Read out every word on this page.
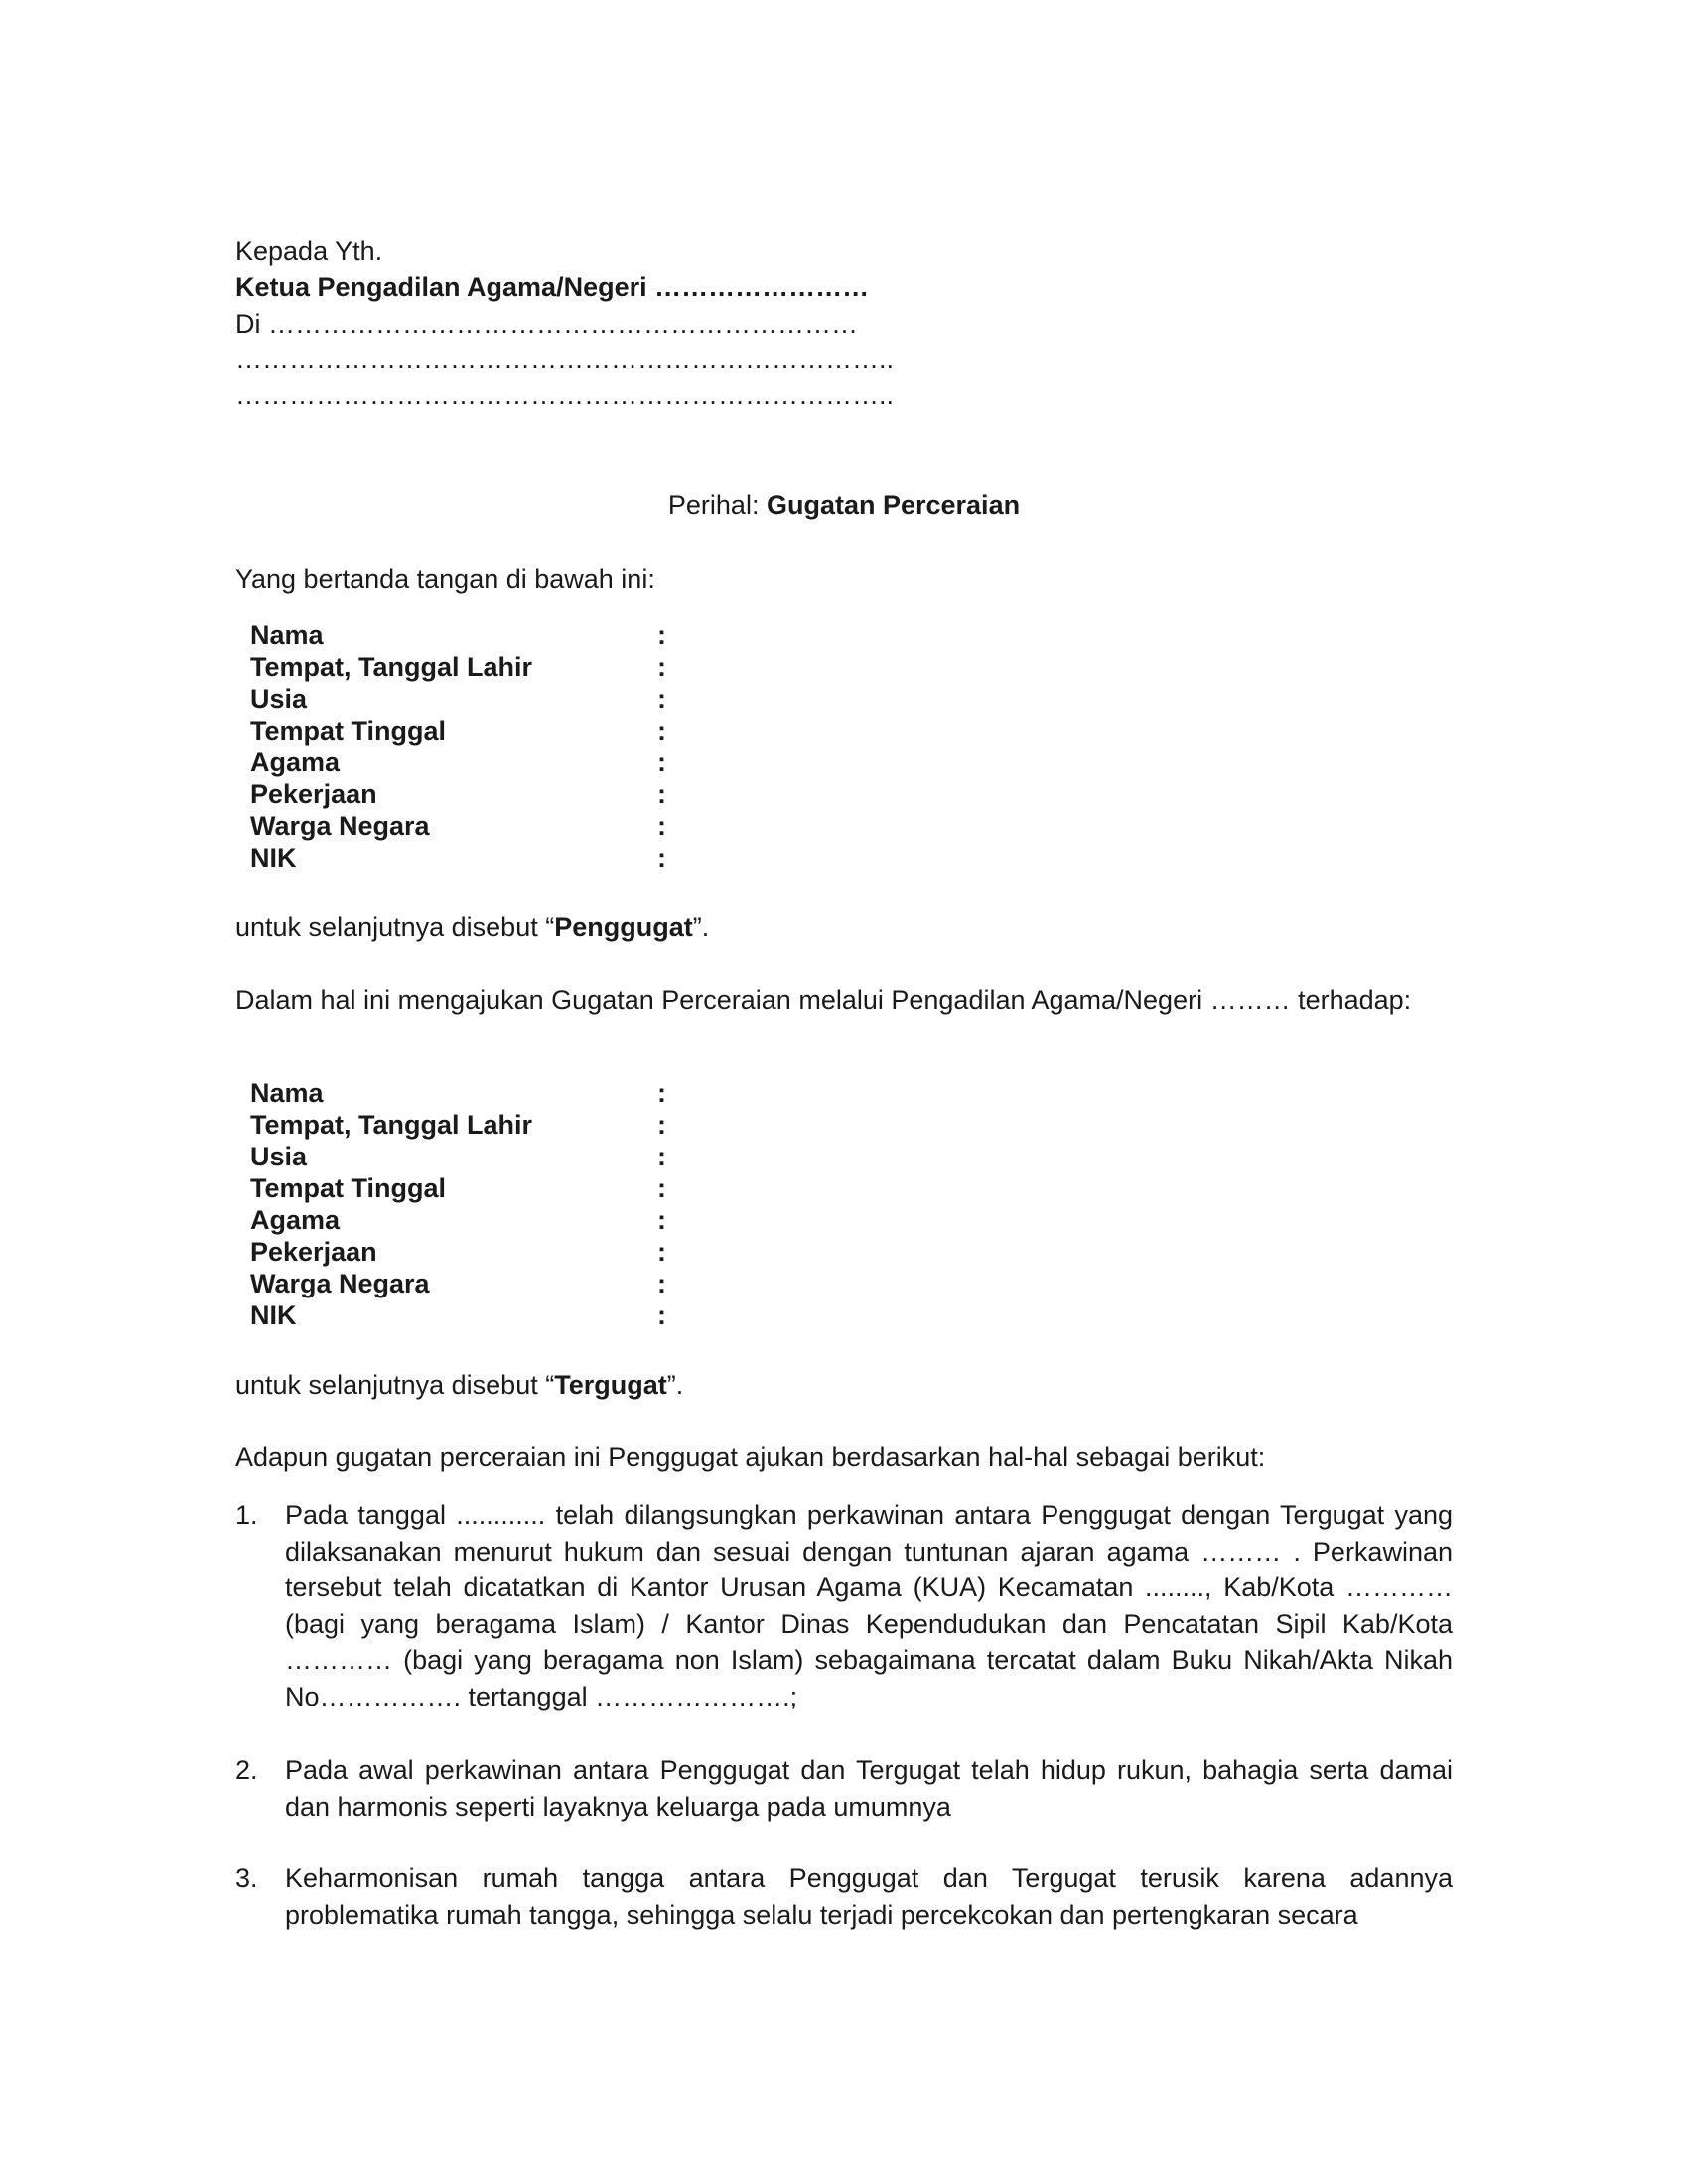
Kepada Yth.
Ketua Pengadilan Agama/Negeri ……………………
Di …………………………………………………………
………………………………………………………………..
………………………………………………………………..
Perihal: Gugatan Perceraian
Yang bertanda tangan di bawah ini:
Nama	:
Tempat, Tanggal Lahir	:
Usia	:
Tempat Tinggal	:
Agama	:
Pekerjaan	:
Warga Negara	:
NIK	:
untuk selanjutnya disebut “Penggugat”.
Dalam hal ini mengajukan Gugatan Perceraian melalui Pengadilan Agama/Negeri ……… terhadap:
Nama	:
Tempat, Tanggal Lahir	:
Usia	:
Tempat Tinggal	:
Agama	:
Pekerjaan	:
Warga Negara	:
NIK	:
untuk selanjutnya disebut “Tergugat”.
Adapun gugatan perceraian ini Penggugat ajukan berdasarkan hal-hal sebagai berikut:
1. Pada tanggal ............ telah dilangsungkan perkawinan antara Penggugat dengan Tergugat yang dilaksanakan menurut hukum dan sesuai dengan tuntunan ajaran agama ……… . Perkawinan tersebut telah dicatatkan di Kantor Urusan Agama (KUA) Kecamatan ........, Kab/Kota ………… (bagi yang beragama Islam) / Kantor Dinas Kependudukan dan Pencatatan Sipil Kab/Kota ………… (bagi yang beragama non Islam) sebagaimana tercatat dalam Buku Nikah/Akta Nikah No……………. tertanggal ………………….;
2. Pada awal perkawinan antara Penggugat dan Tergugat telah hidup rukun, bahagia serta damai dan harmonis seperti layaknya keluarga pada umumnya
3. Keharmonisan rumah tangga antara Penggugat dan Tergugat terusik karena adannya problematika rumah tangga, sehingga selalu terjadi percekcokan dan pertengkaran secara
